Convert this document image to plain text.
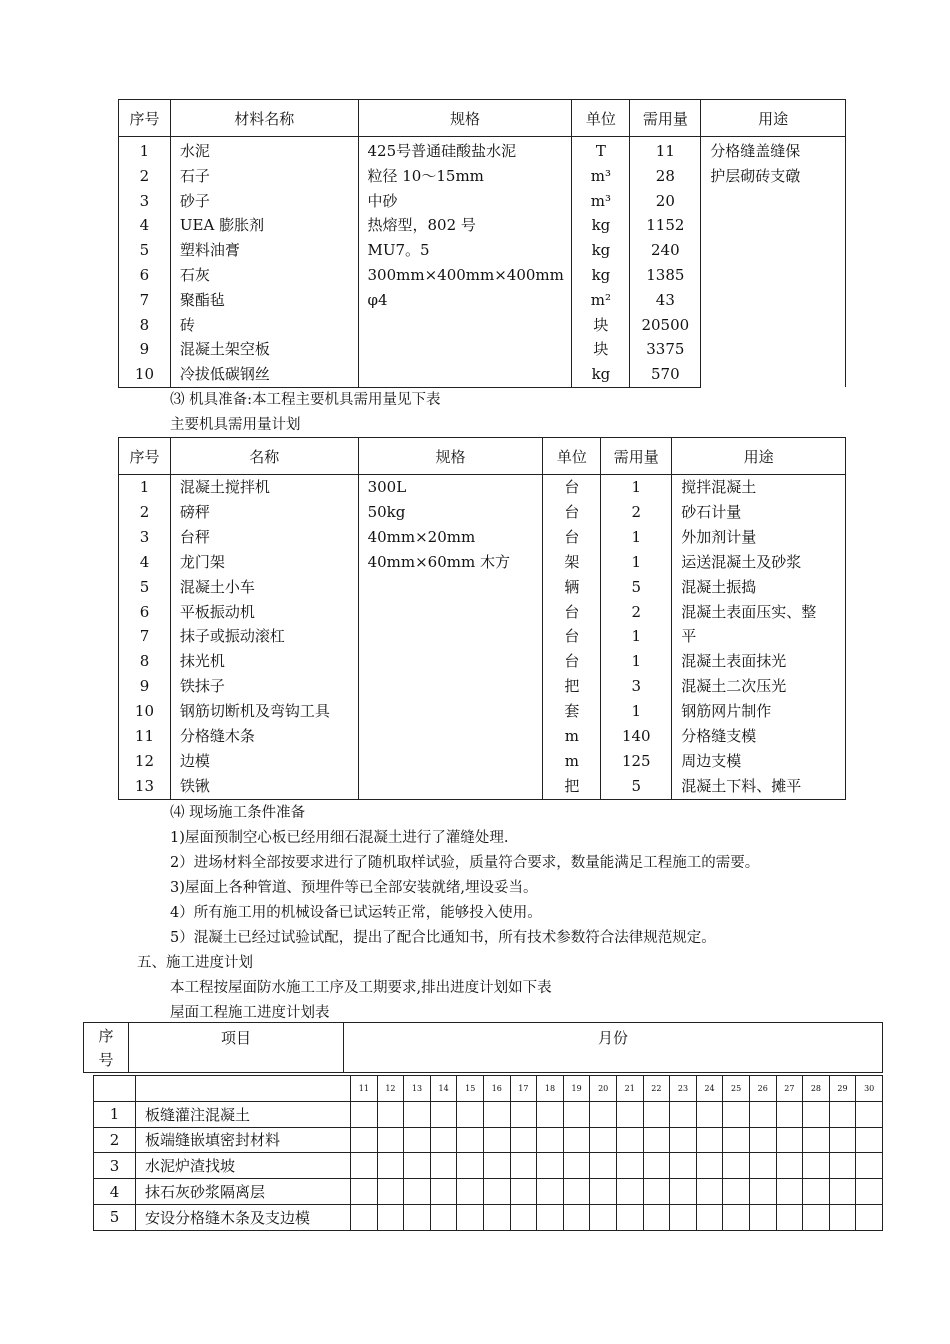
序号	材料名称	规格	单位	需用量	用途
1	水泥	425号普通硅酸盐水泥	T	11	分格缝盖缝保
护层砌砖支礅

2	石子	粒径 10～15mm	m³	28	
3	砂子	中砂	m³	20	
4	UEA 膨胀剂	热熔型，802 号	kg	1152	
5	塑料油膏	MU7。5	kg	240	
6	石灰	300mm×400mm×400mm	kg	1385	
7	聚酯毡	φ4	m²	43	
8	砖		块	20500	
9	混凝土架空板		块	3375	
10	冷拔低碳钢丝		kg	570	
⑶ 机具准备:本工程主要机具需用量见下表
主要机具需用量计划
序号	名称	规格	单位	需用量	用途
1	混凝土搅拌机	300L	台	1	搅拌混凝土
2	磅秤	50kg	台	2	砂石计量
3	台秤	40mm×20mm	台	1	外加剂计量
4	龙门架	40mm×60mm 木方	架	1	运送混凝土及砂浆
5	混凝土小车		辆	5	混凝土振捣
6	平板振动机		台	2	混凝土表面压实、整
7	抹子或振动滚杠		台	1	平
8	抹光机		台	1	混凝土表面抹光
9	铁抹子		把	3	混凝土二次压光
10	钢筋切断机及弯钩工具		套	1	钢筋网片制作
11	分格缝木条		m	140	分格缝支模
12	边模		m	125	周边支模
13	铁锹		把	5	混凝土下料、摊平
⑷ 现场施工条件准备
1)屋面预制空心板已经用细石混凝土进行了灌缝处理.
2）进场材料全部按要求进行了随机取样试验，质量符合要求，数量能满足工程施工的需要。
3)屋面上各种管道、预埋件等已全部安装就绪,埋设妥当。
4）所有施工用的机械设备已试运转正常，能够投入使用。
5）混凝土已经过试验试配，提出了配合比通知书，所有技术参数符合法律规范规定。
五、施工进度计划
本工程按屋面防水施工工序及工期要求,排出进度计划如下表
屋面工程施工进度计划表
序
号
	项目	月份
		11	12	13	14	15	16	17	18	19	20	21	22	23	24	25	26	27	28	29	30
1	板缝灌注混凝土																				
2	板端缝嵌填密封材料																				
3	水泥炉渣找坡																				
4	抹石灰砂浆隔离层																				
5	安设分格缝木条及支边模																				
